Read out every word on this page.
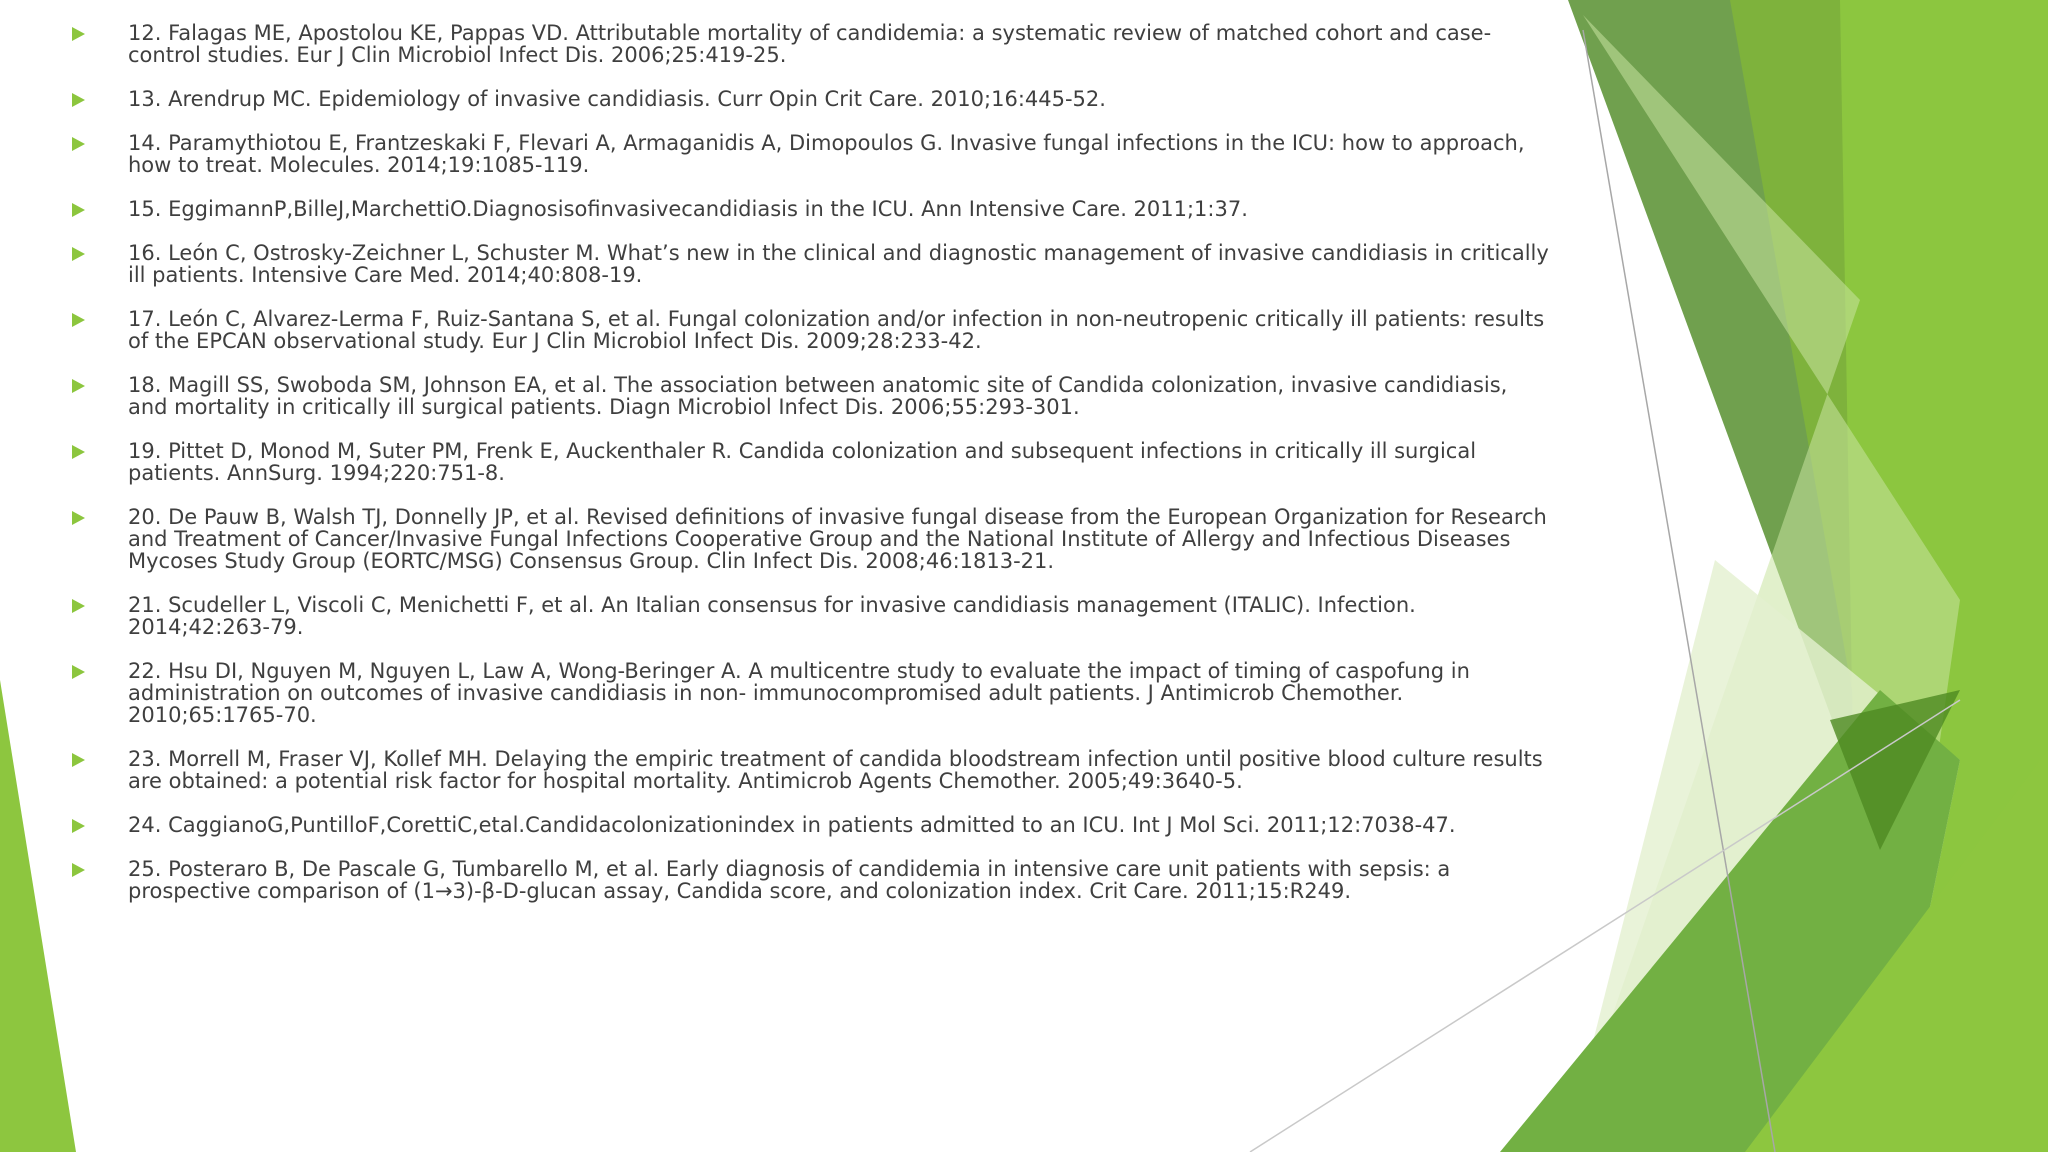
12. Falagas ME, Apostolou KE, Pappas VD. Attributable mortality of candidemia: a systematic review of matched cohort and case-control studies. Eur J Clin Microbiol Infect Dis. 2006;25:419-25.
13. Arendrup MC. Epidemiology of invasive candidiasis. Curr Opin Crit Care. 2010;16:445-52.
14. Paramythiotou E, Frantzeskaki F, Flevari A, Armaganidis A, Dimopoulos G. Invasive fungal infections in the ICU: how to approach, how to treat. Molecules. 2014;19:1085-119.
15. EggimannP,BilleJ,MarchettiO.Diagnosisofinvasivecandidiasis in the ICU. Ann Intensive Care. 2011;1:37.
16. León C, Ostrosky-Zeichner L, Schuster M. What’s new in the clinical and diagnostic management of invasive candidiasis in critically ill patients. Intensive Care Med. 2014;40:808-19.
17. León C, Alvarez-Lerma F, Ruiz-Santana S, et al. Fungal colonization and/or infection in non-neutropenic critically ill patients: results of the EPCAN observational study. Eur J Clin Microbiol Infect Dis. 2009;28:233-42.
18. Magill SS, Swoboda SM, Johnson EA, et al. The association between anatomic site of Candida colonization, invasive candidiasis, and mortality in critically ill surgical patients. Diagn Microbiol Infect Dis. 2006;55:293-301.
19. Pittet D, Monod M, Suter PM, Frenk E, Auckenthaler R. Candida colonization and subsequent infections in critically ill surgical patients. AnnSurg. 1994;220:751-8.
20. De Pauw B, Walsh TJ, Donnelly JP, et al. Revised definitions of invasive fungal disease from the European Organization for Research and Treatment of Cancer/Invasive Fungal Infections Cooperative Group and the National Institute of Allergy and Infectious Diseases Mycoses Study Group (EORTC/MSG) Consensus Group. Clin Infect Dis. 2008;46:1813-21.
21. Scudeller L, Viscoli C, Menichetti F, et al. An Italian consensus for invasive candidiasis management (ITALIC). Infection. 2014;42:263-79.
22. Hsu DI, Nguyen M, Nguyen L, Law A, Wong-Beringer A. A multicentre study to evaluate the impact of timing of caspofung in administration on outcomes of invasive candidiasis in non- immunocompromised adult patients. J Antimicrob Chemother. 2010;65:1765-70.
23. Morrell M, Fraser VJ, Kollef MH. Delaying the empiric treatment of candida bloodstream infection until positive blood culture results are obtained: a potential risk factor for hospital mortality. Antimicrob Agents Chemother. 2005;49:3640-5.
24. CaggianoG,PuntilloF,CorettiC,etal.Candidacolonizationindex in patients admitted to an ICU. Int J Mol Sci. 2011;12:7038-47.
25. Posteraro B, De Pascale G, Tumbarello M, et al. Early diagnosis of candidemia in intensive care unit patients with sepsis: a prospective comparison of (1→3)-β-D-glucan assay, Candida score, and colonization index. Crit Care. 2011;15:R249.
